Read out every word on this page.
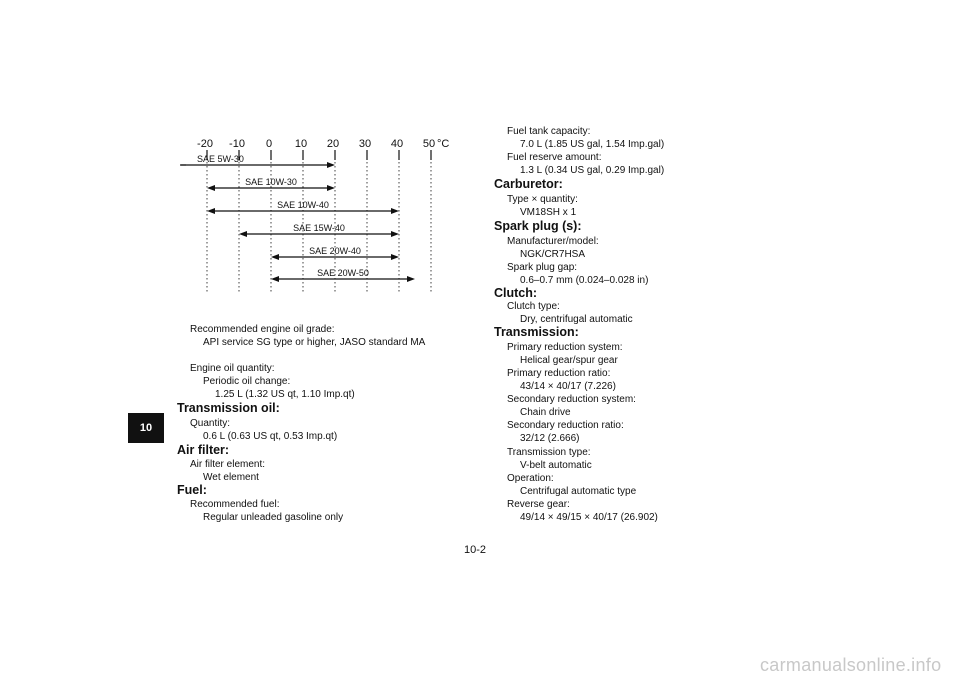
10
-20 -10 0 10 20 30 40 50 °C
SAE 5W-30
SAE 10W-30
SAE 10W-40
SAE 15W-40
SAE 20W-40
SAE 20W-50
Recommended engine oil grade:
API service SG type or higher, JASO standard MA
Engine oil quantity:
Periodic oil change:
1.25 L (1.32 US qt, 1.10 Imp.qt)
Transmission oil:
Quantity:
0.6 L (0.63 US qt, 0.53 Imp.qt)
Air filter:
Air filter element:
Wet element
Fuel:
Recommended fuel:
Regular unleaded gasoline only
Fuel tank capacity:
7.0 L (1.85 US gal, 1.54 Imp.gal)
Fuel reserve amount:
1.3 L (0.34 US gal, 0.29 Imp.gal)
Carburetor:
Type × quantity:
VM18SH x 1
Spark plug (s):
Manufacturer/model:
NGK/CR7HSA
Spark plug gap:
0.6–0.7 mm (0.024–0.028 in)
Clutch:
Clutch type:
Dry, centrifugal automatic
Transmission:
Primary reduction system:
Helical gear/spur gear
Primary reduction ratio:
43/14 × 40/17 (7.226)
Secondary reduction system:
Chain drive
Secondary reduction ratio:
32/12 (2.666)
Transmission type:
V-belt automatic
Operation:
Centrifugal automatic type
Reverse gear:
49/14 × 49/15 × 40/17 (26.902)
10-2
carmanualsonline.info
